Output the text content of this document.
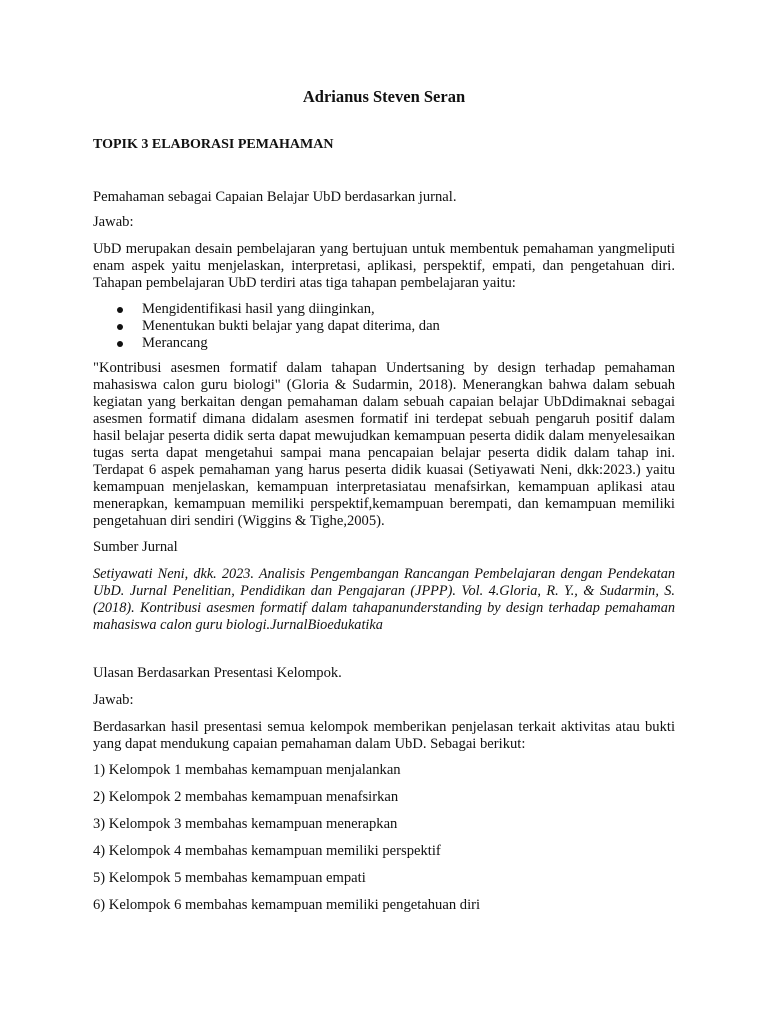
Adrianus Steven Seran
TOPIK 3 ELABORASI PEMAHAMAN

Pemahaman sebagai Capaian Belajar UbD berdasarkan jurnal.

Jawab:

UbD merupakan desain pembelajaran yang bertujuan untuk membentuk pemahaman yangmeliputi enam aspek yaitu menjelaskan, interpretasi, aplikasi, perspektif, empati, dan pengetahuan diri. Tahapan pembelajaran UbD terdiri atas tiga tahapan pembelajaran yaitu:

Mengidentifikasi hasil yang diinginkan,
Menentukan bukti belajar yang dapat diterima, dan
Merancang

"Kontribusi asesmen formatif dalam tahapan Undertsaning by design terhadap pemahaman mahasiswa calon guru biologi" (Gloria & Sudarmin, 2018). Menerangkan bahwa dalam sebuah kegiatan yang berkaitan dengan pemahaman dalam sebuah capaian belajar UbDdimaknai sebagai asesmen formatif dimana didalam asesmen formatif ini terdepat sebuah pengaruh positif dalam hasil belajar peserta didik serta dapat mewujudkan kemampuan peserta didik dalam menyelesaikan tugas serta dapat mengetahui sampai mana pencapaian belajar peserta didik dalam tahap ini. Terdapat 6 aspek pemahaman yang harus peserta didik kuasai (Setiyawati Neni, dkk:2023.) yaitu kemampuan menjelaskan, kemampuan interpretasiatau menafsirkan, kemampuan aplikasi atau menerapkan, kemampuan memiliki perspektif,kemampuan berempati, dan kemampuan memiliki pengetahuan diri sendiri (Wiggins & Tighe,2005).

Sumber Jurnal

Setiyawati Neni, dkk. 2023. Analisis Pengembangan Rancangan Pembelajaran dengan Pendekatan UbD. Jurnal Penelitian, Pendidikan dan Pengajaran (JPPP). Vol. 4.Gloria, R. Y., & Sudarmin, S. (2018). Kontribusi asesmen formatif dalam tahapanunderstanding by design terhadap pemahaman mahasiswa calon guru biologi.JurnalBioedukatika

Ulasan Berdasarkan Presentasi Kelompok.

Jawab:

Berdasarkan hasil presentasi semua kelompok memberikan penjelasan terkait aktivitas atau bukti yang dapat mendukung capaian pemahaman dalam UbD. Sebagai berikut:

1) Kelompok 1 membahas kemampuan menjalankan

2) Kelompok 2 membahas kemampuan menafsirkan

3) Kelompok 3 membahas kemampuan menerapkan

4) Kelompok 4 membahas kemampuan memiliki perspektif

5) Kelompok 5 membahas kemampuan empati

6) Kelompok 6 membahas kemampuan memiliki pengetahuan diri
